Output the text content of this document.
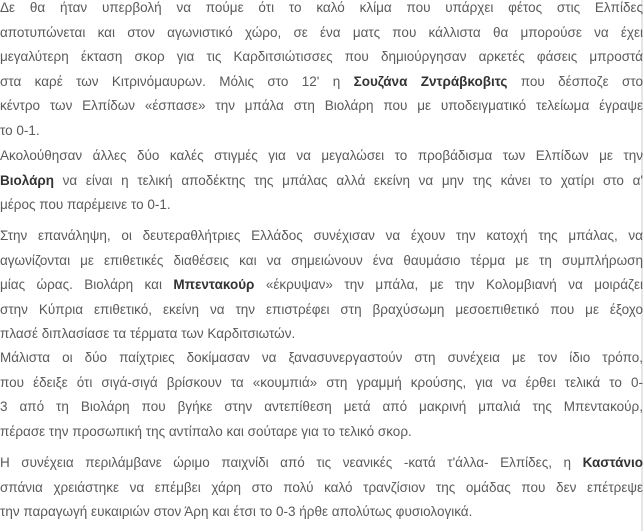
Δε θα ήταν υπερβολή να πούμε ότι το καλό κλίμα που υπάρχει φέτος στις Ελπίδες
αποτυπώνεται και στον αγωνιστικό χώρο, σε ένα ματς που κάλλιστα θα μπορούσε να έχει
μεγαλύτερη έκταση σκορ για τις Καρδιτσιώτισσες που δημιούργησαν αρκετές φάσεις μπροστά
στα καρέ των Κιτρινόμαυρων. Μόλις στο 12' η Σουζάνα Ζντράβκοβιτς που δέσποζε στο
κέντρο των Ελπίδων «έσπασε» την μπάλα στη Βιολάρη που με υποδειγματικό τελείωμα έγραψε
το 0-1.
Ακολούθησαν άλλες δύο καλές στιγμές για να μεγαλώσει το προβάδισμα των Ελπίδων με την
Βιολάρη να είναι η τελική αποδέκτης της μπάλας αλλά εκείνη να μην της κάνει το χατίρι στο α'
μέρος που παρέμεινε το 0-1.
Στην επανάληψη, οι δευτεραθλήτριες Ελλάδος συνέχισαν να έχουν την κατοχή της μπάλας, να
αγωνίζονται με επιθετικές διαθέσεις και να σημειώνουν ένα θαυμάσιο τέρμα με τη συμπλήρωση
μίας ώρας. Βιολάρη και Μπεντακούρ «έκρυψαν» την μπάλα, με την Κολομβιανή να μοιράζει
στην Κύπρια επιθετικό, εκείνη να την επιστρέφει στη βραχύσωμη μεσοεπιθετικό που με έξοχο
πλασέ διπλασίασε τα τέρματα των Καρδιτσιωτών.
Μάλιστα οι δύο παίχτριες δοκίμασαν να ξανασυνεργαστούν στη συνέχεια με τον ίδιο τρόπο,
που έδειξε ότι σιγά-σιγά βρίσκουν τα «κουμπιά» στη γραμμή κρούσης, για να έρθει τελικά το 0-
3 από τη Βιολάρη που βγήκε στην αντεπίθεση μετά από μακρινή μπαλιά της Μπεντακούρ,
πέρασε την προσωπική της αντίπαλο και σούταρε για το τελικό σκορ.
Η συνέχεια περιλάμβανε ώριμο παιχνίδι από τις νεανικές -κατά τ'άλλα- Ελπίδες, η Καστάνιο
σπάνια χρειάστηκε να επέμβει χάρη στο πολύ καλό τρανζίσιον της ομάδας που δεν επέτρεψε
την παραγωγή ευκαιριών στον Άρη και έτσι το 0-3 ήρθε απολύτως φυσιολογικά.
